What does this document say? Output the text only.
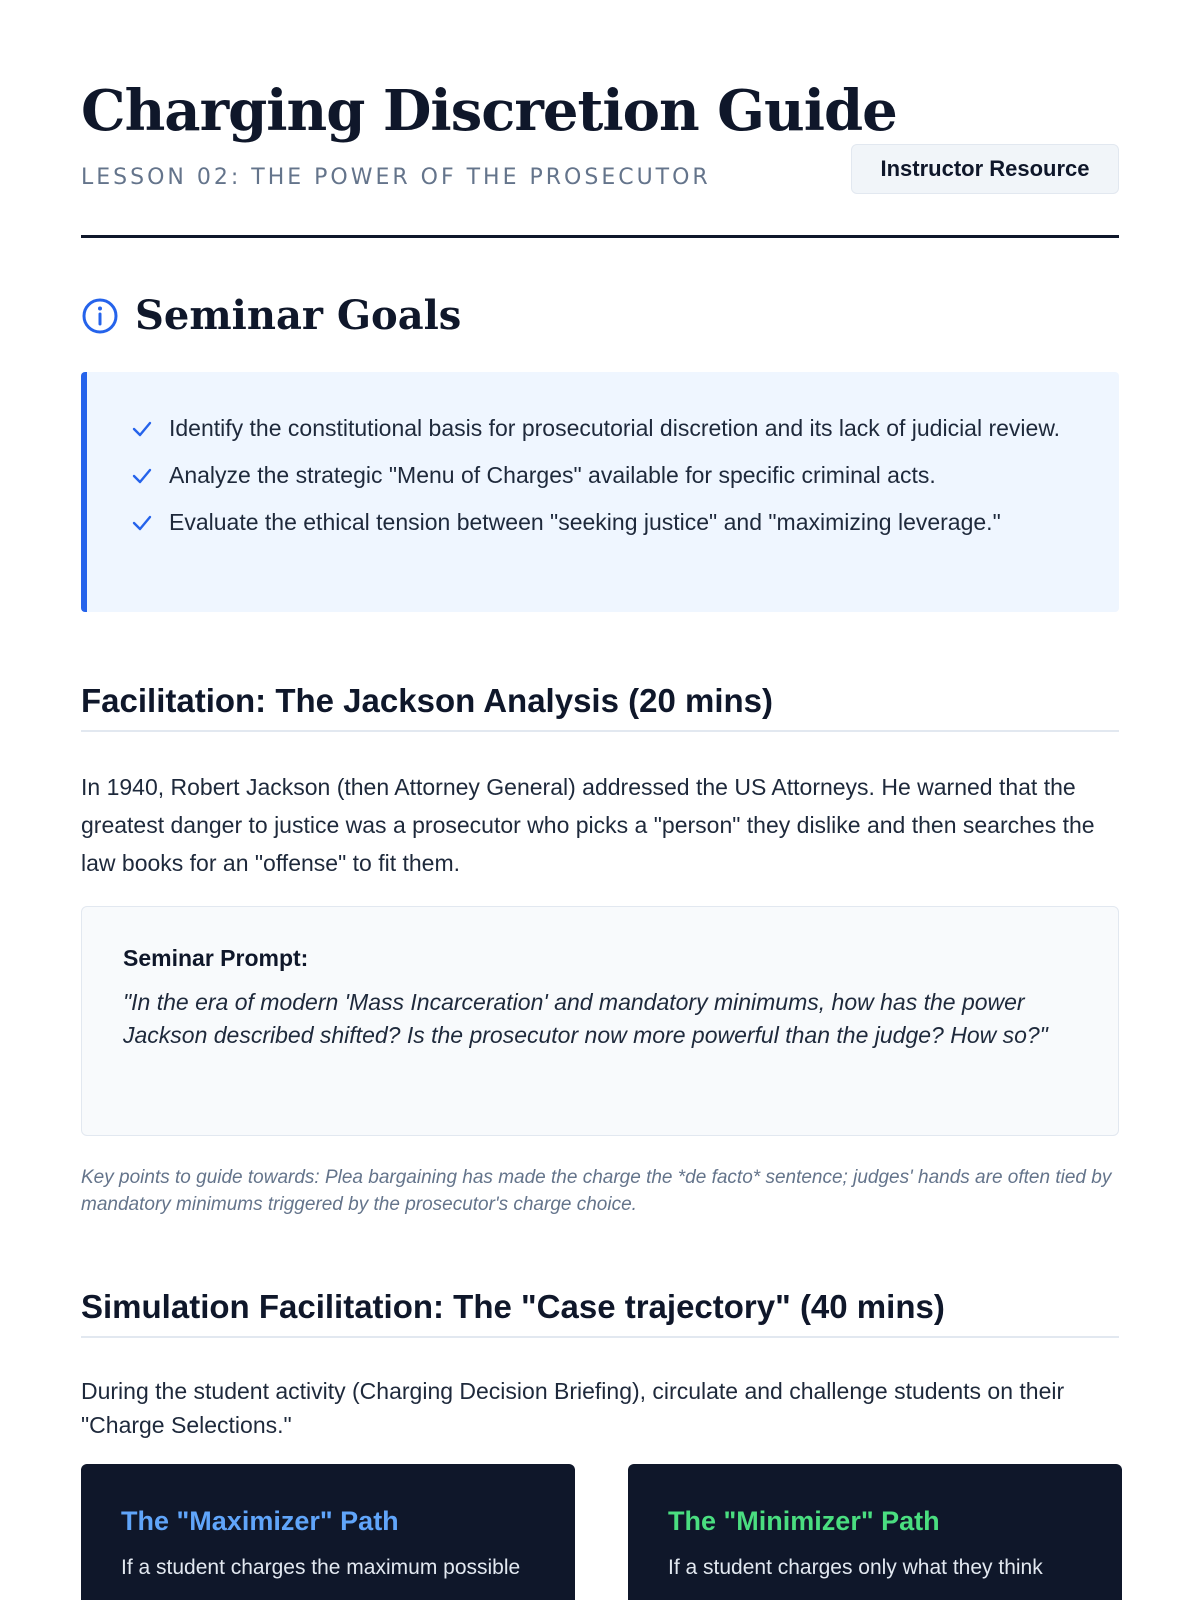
Charging Discretion Guide
LESSON 02: THE POWER OF THE PROSECUTOR	Instructor Resource
Seminar Goals
Identify the constitutional basis for prosecutorial discretion and its lack of judicial review.
Analyze the strategic "Menu of Charges" available for specific criminal acts.
Evaluate the ethical tension between "seeking justice" and "maximizing leverage."
Facilitation: The Jackson Analysis (20 mins)

In 1940, Robert Jackson (then Attorney General) addressed the US Attorneys. He warned that the greatest danger to justice was a prosecutor who picks a "person" they dislike and then searches the law books for an "offense" to fit them.

Seminar Prompt:
"In the era of modern 'Mass Incarceration' and mandatory minimums, how has the power Jackson described shifted? Is the prosecutor now more powerful than the judge? How so?"

Key points to guide towards: Plea bargaining has made the charge the *de facto* sentence; judges' hands are often tied by mandatory minimums triggered by the prosecutor's charge choice.

Simulation Facilitation: The "Case trajectory" (40 mins)

During the student activity (Charging Decision Briefing), circulate and challenge students on their "Charge Selections."

The "Maximizer" Path
If a student charges the maximum possible
The "Minimizer" Path
If a student charges only what they think
